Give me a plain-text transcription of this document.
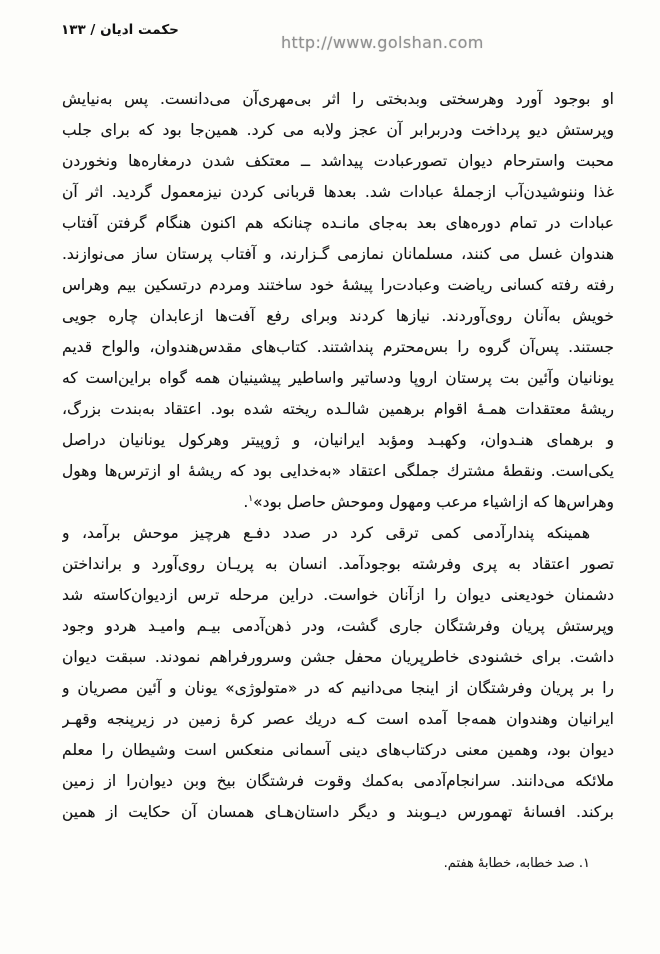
حکمت ادیان / ۱۳۳
http://www.golshan.com
او بوجود آورد وهرسختی وبدبختی را اثر بی‌مهری‌آن می‌دانست. پس به‌نیایش
وپرستش دیو پرداخت ودربرابر آن عجز ولابه می کرد. همین‌جا بود که برای جلب
محبت واسترحام دیوان تصورعبادت پیداشد ــ معتکف شدن درمغاره‌ها ونخوردن
غذا وننوشیدن‌آب ازجملهٔ عبادات شد. بعدها قربانی کردن نیزمعمول گردید. اثر آن
عبادات در تمام دوره‌های بعد به‌جای مانـده چنانکه هم اکنون هنگام گرفتن آفتاب
هندوان غسل می کنند، مسلمانان نمازمی گـزارند، و آفتاب پرستان ساز می‌نوازند.
رفته رفته کسانی ریاضت وعبادت‌را پیشهٔ خود ساختند ومردم درتسکین بیم وهراس
خویش به‌آنان روی‌آوردند. نیازها کردند وبرای رفع آفت‌ها ازعابدان چاره جویی
جستند. پس‌آن گروه را بس‌محترم پنداشتند. کتاب‌های مقدس‌هندوان، والواح قدیم
یونانیان وآئین بت پرستان اروپا ودساتیر واساطیر پیشینیان همه گواه براین‌است که
ریشهٔ معتقدات همـهٔ اقوام برهمین شالـده ریخته شده بود. اعتقاد به‌بندت بزرگ،
و برهمای هنـدوان، وکهبـد ومؤبد ایرانیان، و ژوپیتر وهرکول یونانیان دراصل
یکی‌است. ونقطهٔ مشترك جملگی اعتقاد «به‌خدایی بود که ریشهٔ او ازترس‌ها وهول
وهراس‌ها که ازاشیاء مرعب ومهول وموحش حاصل بود»$^۱$.
همینکه پندارآدمی کمی ترقی کرد در صدد دفـع هرچیز موحش برآمد، و
تصور اعتقاد به پری وفرشته بوجودآمد. انسان به پریـان روی‌آورد و برانداختن
دشمنان خودیعنی دیوان را ازآنان خواست. دراین مرحله ترس ازدیوان‌کاسته شد
وپرستش پریان وفرشتگان جاری گشت، ودر ذهن‌آدمی بیـم وامیـد هردو وجود
داشت. برای خشنودی خاطرپریان محفل جشن وسرورفراهم نمودند. سبقت دیوان
را بر پریان وفرشتگان از اینجا می‌دانیم که در «متولوژی» یونان و آئین مصریان و
ایرانیان وهندوان همه‌جا آمده است کـه دریك عصر کرهٔ زمین در زیرپنجه وقهـر
دیوان بود، وهمین معنی درکتاب‌های دینی آسمانی منعکس است وشیطان را معلم
ملائکه می‌دانند. سرانجام‌آدمی به‌کمك وقوت فرشتگان بیخ وبن دیوان‌را از زمین
برکند. افسانهٔ تهمورس دیـوبند و دیگر داستان‌هـای همسان آن حکایت از همین
۱. صد خطابه، خطابهٔ هفتم.
